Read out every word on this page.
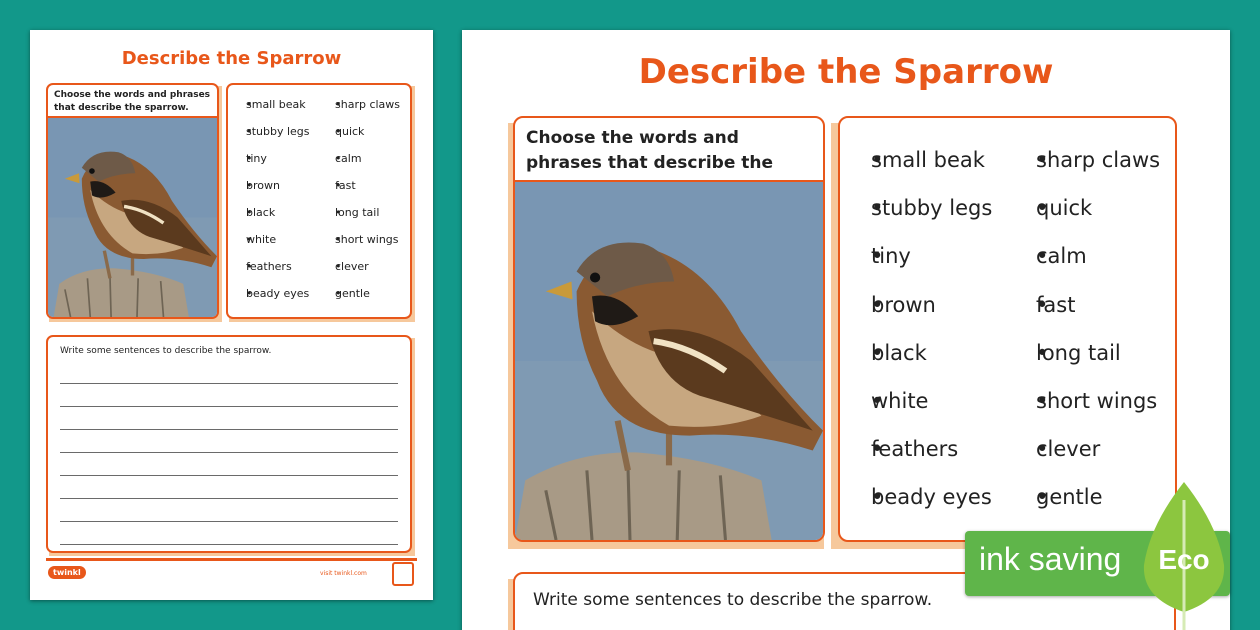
Describe the Sparrow
Choose the words and phrases that describe the sparrow.	• small beak
• stubby legs
• tiny
• brown
• black
• white
• feathers
• beady eyes
• sharp claws
• quick
• calm
• fast
• long tail
• short wings
• clever
• gentle
Write some sentences to describe the sparrow.
twinkl	visit twinkl.com
Describe the Sparrow
Choose the words and phrases that describe the	• small beak
• stubby legs
• tiny
• brown
• black
• white
• feathers
• beady eyes
• sharp claws
• quick
• calm
• fast
• long tail
• short wings
• clever
• gentle
Write some sentences to describe the sparrow.
ink saving	Eco
